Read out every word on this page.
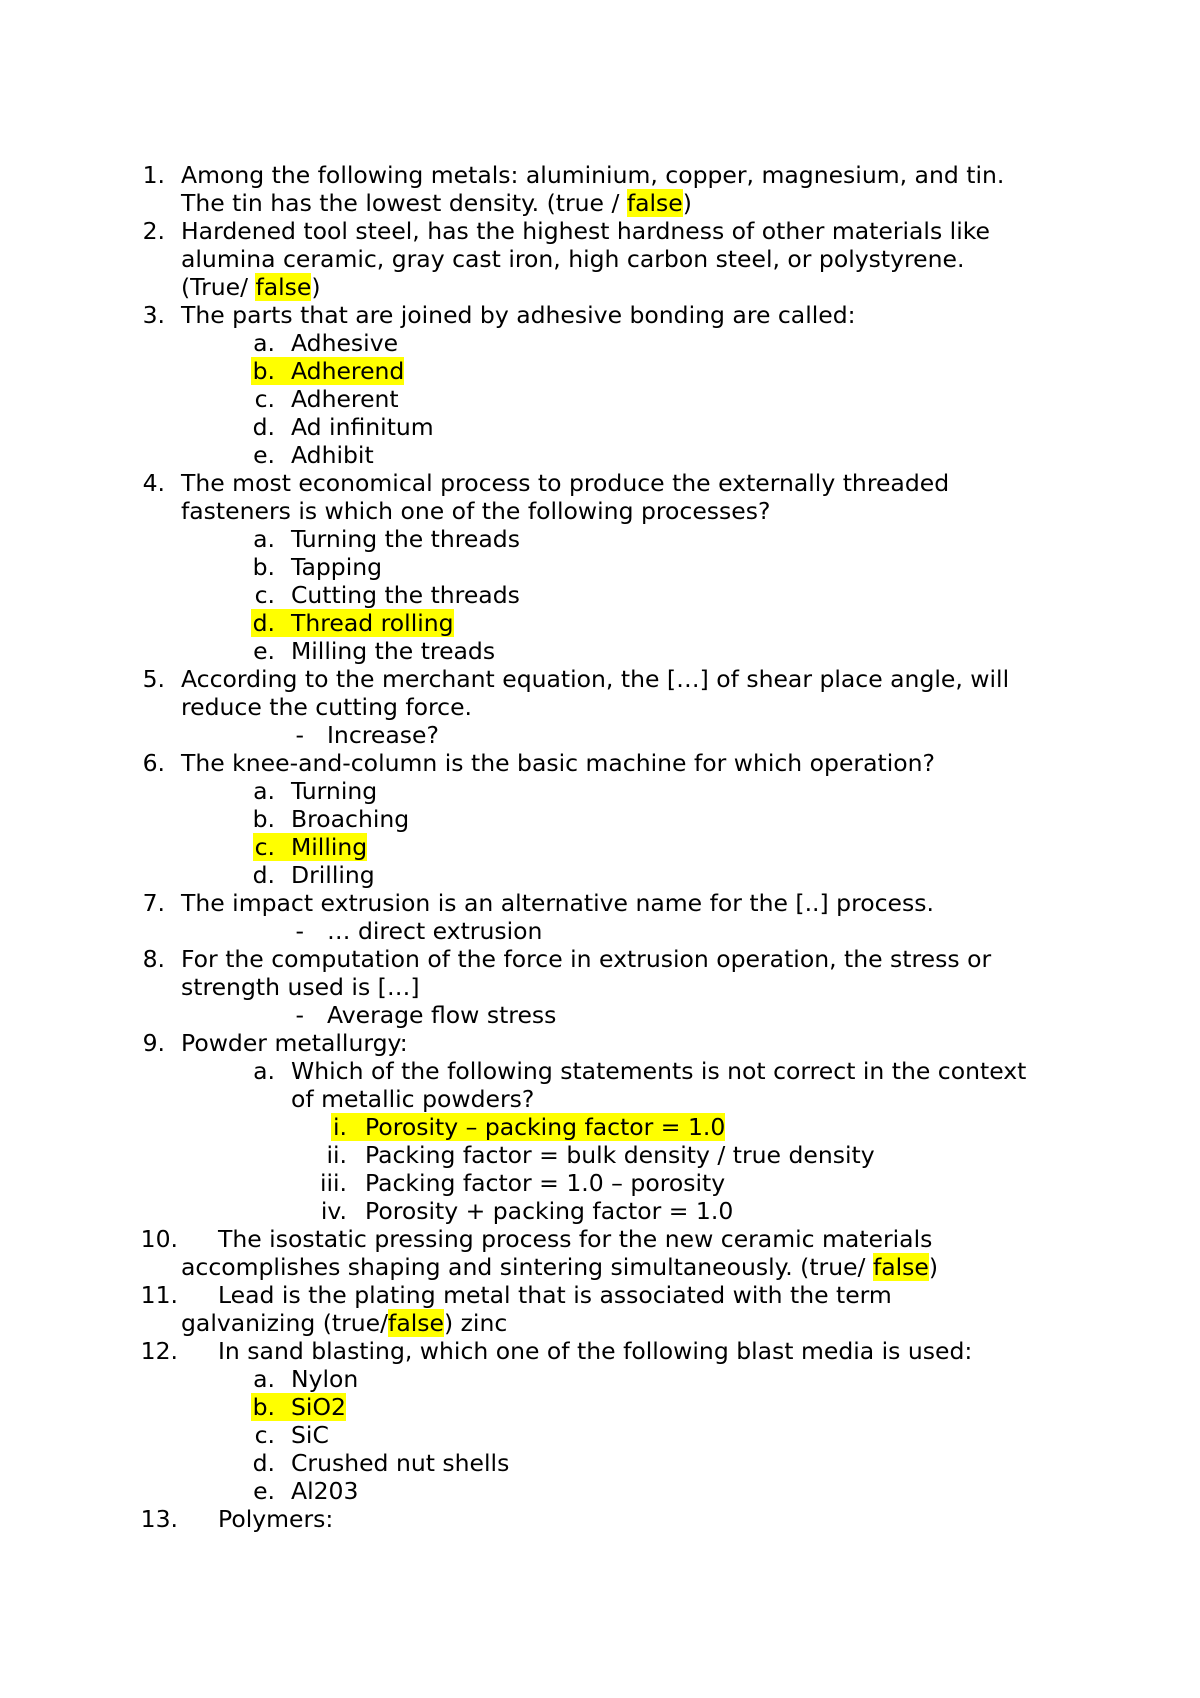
1. Among the following metals: aluminium, copper, magnesium, and tin.
The tin has the lowest density. (true / false)
2. Hardened tool steel, has the highest hardness of other materials like
alumina ceramic, gray cast iron, high carbon steel, or polystyrene.
(True/ false)
3. The parts that are joined by adhesive bonding are called:
a. Adhesive
b. Adherend
c. Adherent
d. Ad infinitum
e. Adhibit
4. The most economical process to produce the externally threaded
fasteners is which one of the following processes?
a. Turning the threads
b. Tapping
c. Cutting the threads
d. Thread rolling
e. Milling the treads
5. According to the merchant equation, the […] of shear place angle, will
reduce the cutting force.
- Increase?
6. The knee-and-column is the basic machine for which operation?
a. Turning
b. Broaching
c. Milling
d. Drilling
7. The impact extrusion is an alternative name for the [..] process.
- … direct extrusion
8. For the computation of the force in extrusion operation, the stress or
strength used is […]
- Average flow stress
9. Powder metallurgy:
a. Which of the following statements is not correct in the context
of metallic powders?
i. Porosity – packing factor = 1.0
ii. Packing factor = bulk density / true density
iii. Packing factor = 1.0 – porosity
iv. Porosity + packing factor = 1.0
10. The isostatic pressing process for the new ceramic materials
accomplishes shaping and sintering simultaneously. (true/ false)
11. Lead is the plating metal that is associated with the term
galvanizing (true/false) zinc
12. In sand blasting, which one of the following blast media is used:
a. Nylon
b. SiO2
c. SiC
d. Crushed nut shells
e. Al203
13. Polymers:
